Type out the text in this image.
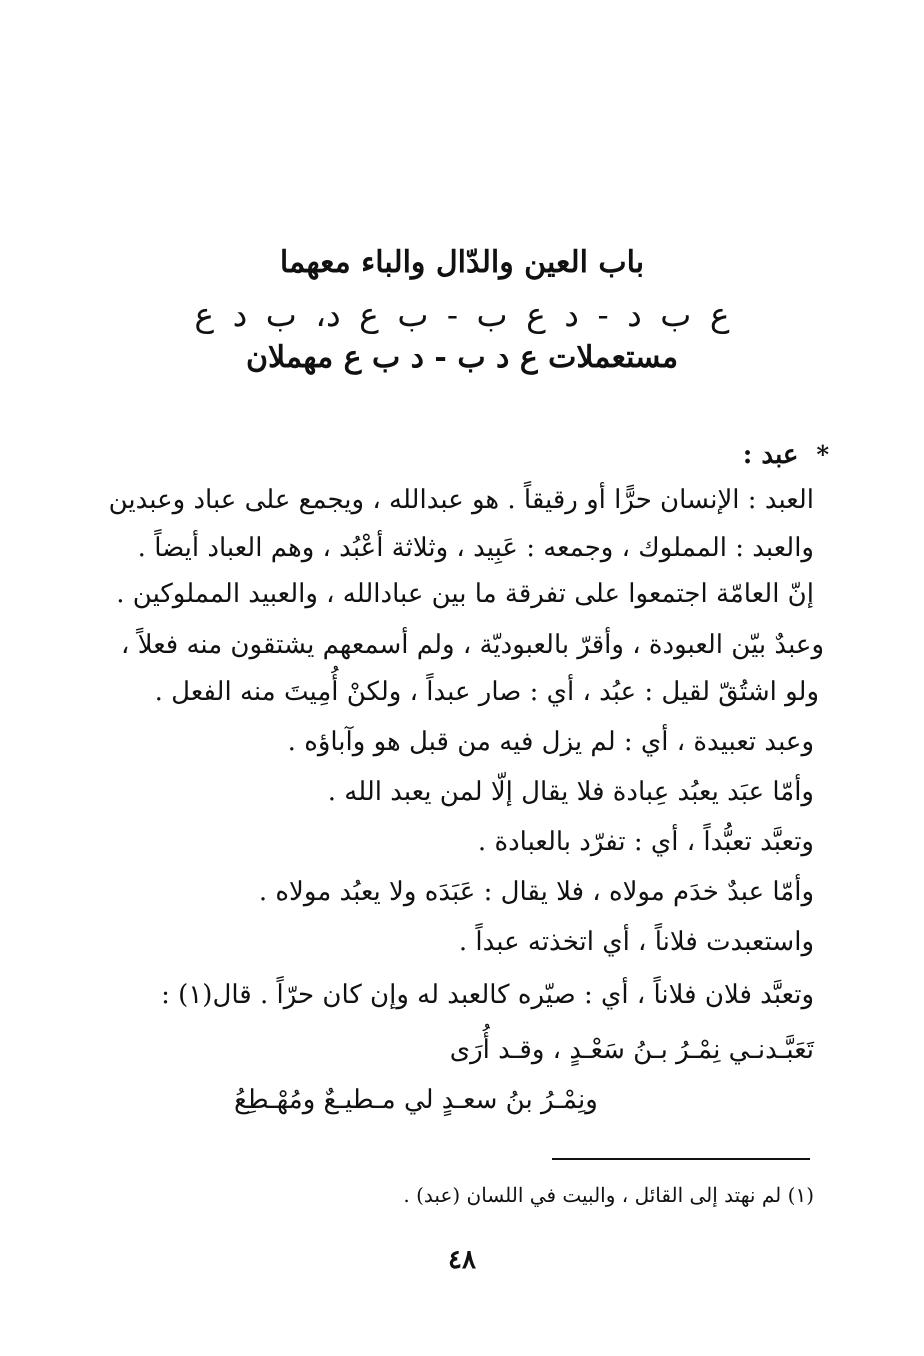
باب العين والدّال والباء معهما
ع ب د - د ع ب - ب ع د، ب د ع
مستعملات ع د ب - د ب ع مهملان
*عبد :
العبد : الإنسان حرًّا أو رقيقاً . هو عبدالله ، ويجمع على عباد وعبدين
والعبد : المملوك ، وجمعه : عَبِيد ، وثلاثة أعْبُد ، وهم العباد أيضاً .
إنّ العامّة اجتمعوا على تفرقة ما بين عبادالله ، والعبيد المملوكين .
وعبدٌ بيّن العبودة ، وأقرّ بالعبوديّة ، ولم أسمعهم يشتقون منه فعلاً ،
ولو اشتُقّ لقيل : عبُد ، أي : صار عبداً ، ولكنْ أُمِيتَ منه الفعل .
وعبد تعبيدة ، أي : لم يزل فيه من قبل هو وآباؤه .
وأمّا عبَد يعبُد عِبادة فلا يقال إلّا لمن يعبد الله .
وتعبَّد تعبُّداً ، أي : تفرّد بالعبادة .
وأمّا عبدٌ خدَم مولاه ، فلا يقال : عَبَدَه ولا يعبُد مولاه .
واستعبدت فلاناً ، أي اتخذته عبداً .
وتعبَّد فلان فلاناً ، أي : صيّره كالعبد له وإن كان حرّاً . قال(١) :
تَعَبَّـدنـي نِمْـرُ بـنُ سَعْـدٍ ، وقـد أُرَى
ونِمْـرُ بنُ سعـدٍ لي مـطيـعٌ ومُهْـطِعُ
(١) لم نهتد إلى القائل ، والبيت في اللسان (عبد) .
٤٨
